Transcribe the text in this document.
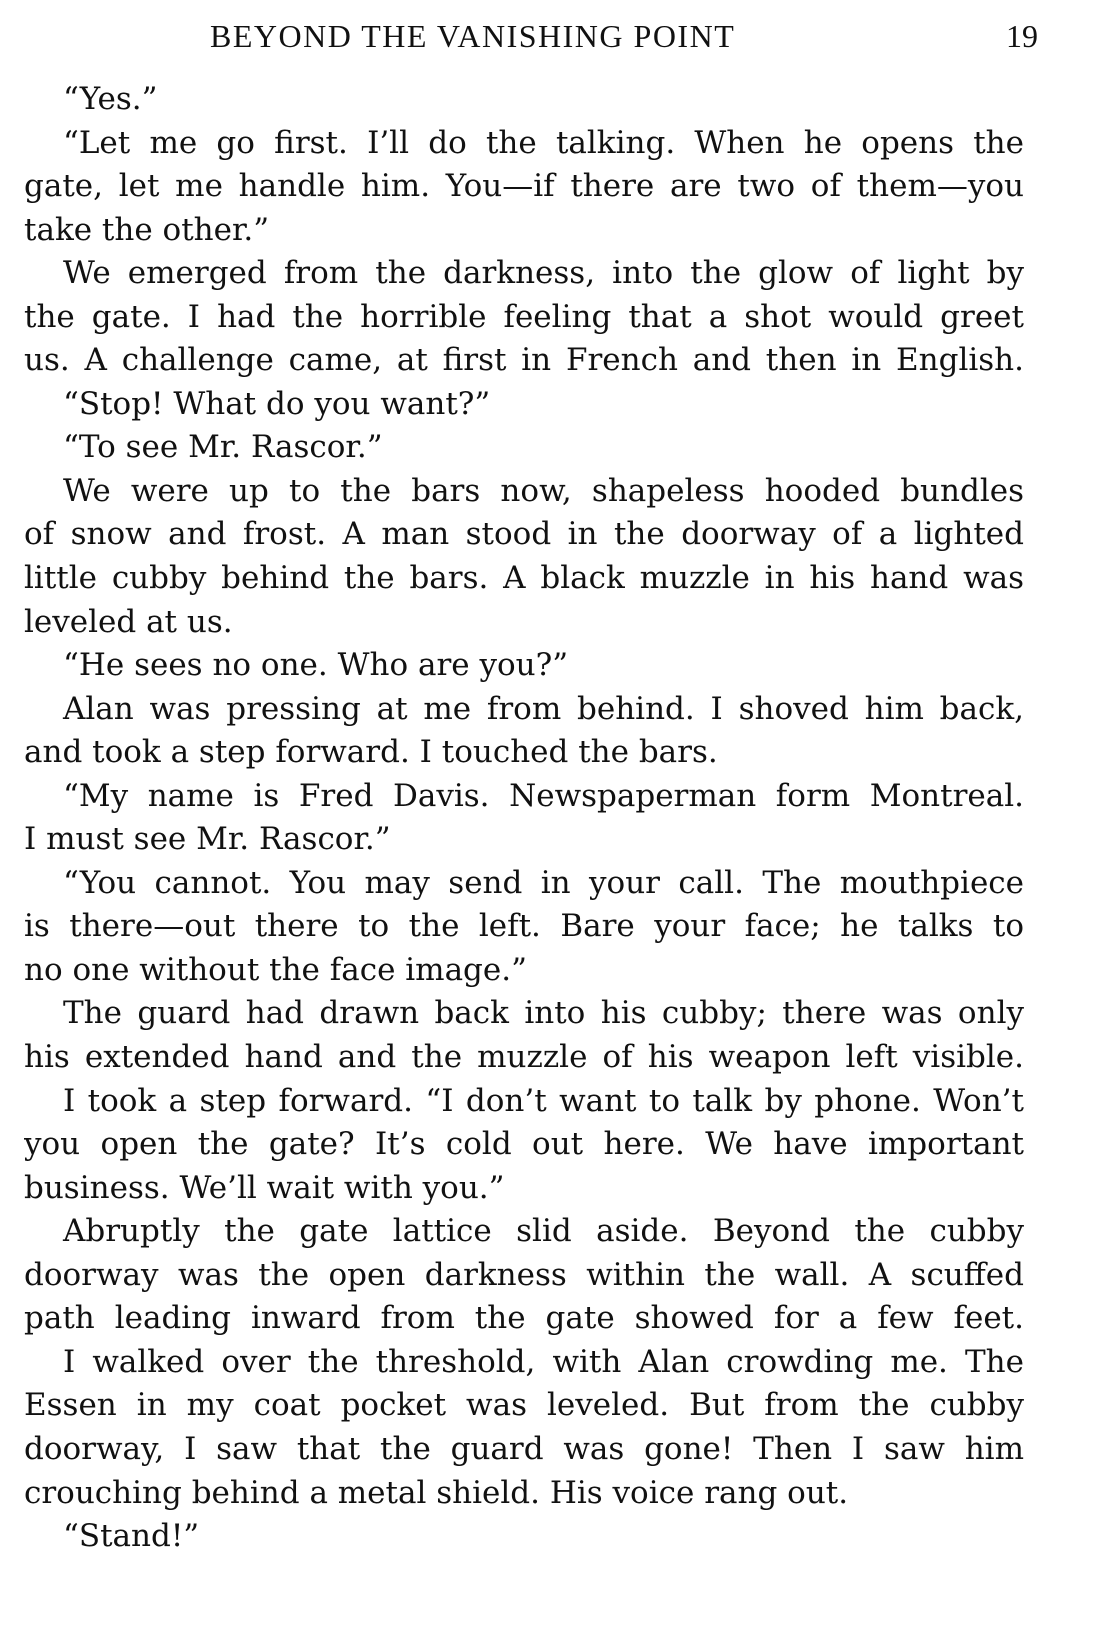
BEYOND THE VANISHING POINT	19
“Yes.”
“Let me go first. I’ll do the talking. When he opens the
gate, let me handle him. You—if there are two of them—you
take the other.”
We emerged from the darkness, into the glow of light by
the gate. I had the horrible feeling that a shot would greet
us. A challenge came, at first in French and then in English.
“Stop! What do you want?”
“To see Mr. Rascor.”
We were up to the bars now, shapeless hooded bundles
of snow and frost. A man stood in the doorway of a lighted
little cubby behind the bars. A black muzzle in his hand was
leveled at us.
“He sees no one. Who are you?”
Alan was pressing at me from behind. I shoved him back,
and took a step forward. I touched the bars.
“My name is Fred Davis. Newspaperman form Montreal.
I must see Mr. Rascor.”
“You cannot. You may send in your call. The mouthpiece
is there—out there to the left. Bare your face; he talks to
no one without the face image.”
The guard had drawn back into his cubby; there was only
his extended hand and the muzzle of his weapon left visible.
I took a step forward. “I don’t want to talk by phone. Won’t
you open the gate? It’s cold out here. We have important
business. We’ll wait with you.”
Abruptly the gate lattice slid aside. Beyond the cubby
doorway was the open darkness within the wall. A scuffed
path leading inward from the gate showed for a few feet.
I walked over the threshold, with Alan crowding me. The
Essen in my coat pocket was leveled. But from the cubby
doorway, I saw that the guard was gone! Then I saw him
crouching behind a metal shield. His voice rang out.
“Stand!”
